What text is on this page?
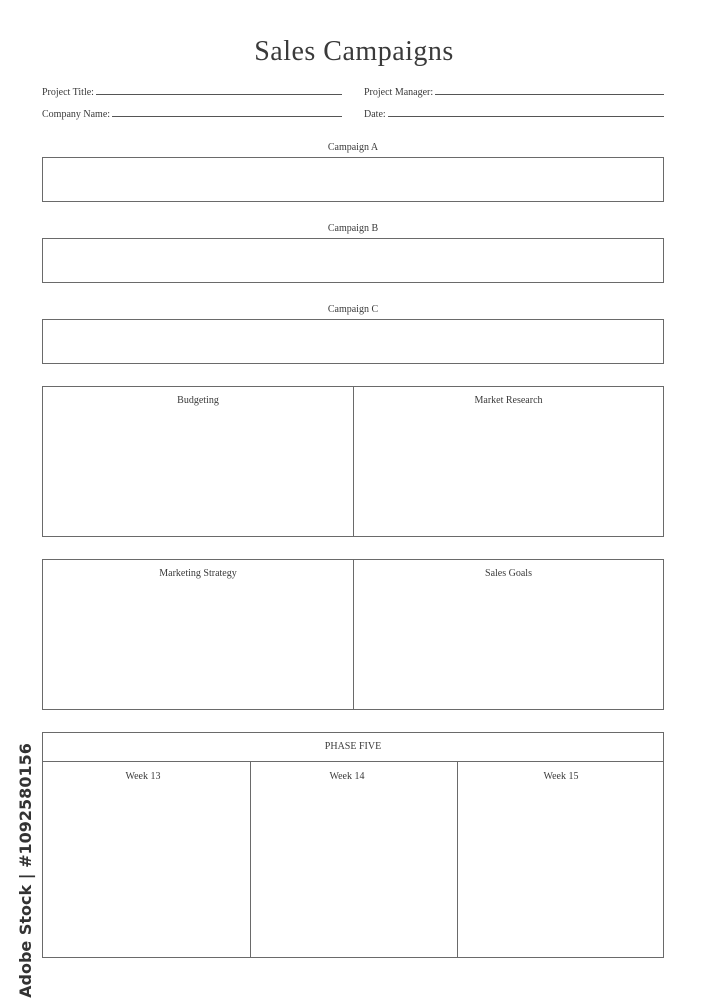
Sales Campaigns
Project Title:	Project Manager:
Company Name:	Date:
Campaign A
Campaign B
Campaign C
Budgeting	Market Research
Marketing Strategy	Sales Goals
PHASE FIVE
Week 13	Week 14	Week 15
Adobe Stock | #1092580156
